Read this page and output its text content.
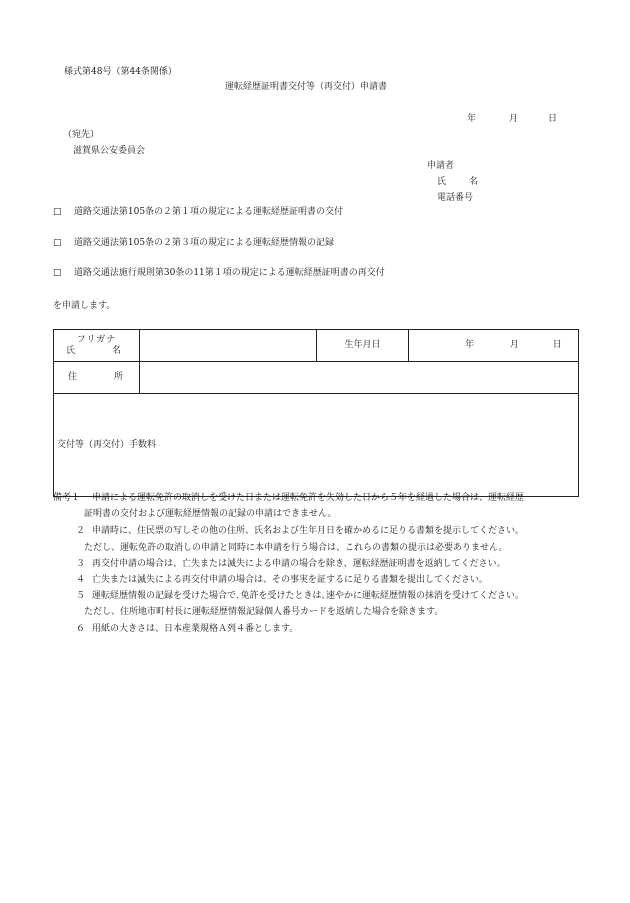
様式第48号（第44条関係）
運転経歴証明書交付等（再交付）申請書
年	月	日
（宛先）
滋賀県公安委員会
申請者
氏	名
電話番号
□ 道路交通法第105条の２第１項の規定による運転経歴証明書の交付
□ 道路交通法第105条の２第３項の規定による運転経歴情報の記録
□ 道路交通法施行規則第30条の11第１項の規定による運転経歴証明書の再交付
を申請します。
フリガナ
氏　名		生年月日	年 月 日
住　所			
交付等（再交付）手数料			
備考１ 申請による運転免許の取消しを受けた日または運転免許を失効した日から５年を経過した場合は、運転経歴
証明書の交付および運転経歴情報の記録の申請はできません。
２ 申請時に、住民票の写しその他の住所、氏名および生年月日を確かめるに足りる書類を提示してください。
ただし、運転免許の取消しの申請と同時に本申請を行う場合は、これらの書類の提示は必要ありません。
３ 再交付申請の場合は、亡失または滅失による申請の場合を除き、運転経歴証明書を返納してください。
４ 亡失または滅失による再交付申請の場合は、その事実を証するに足りる書類を提出してください。
５ 運転経歴情報の記録を受けた場合で､免許を受けたときは､速やかに運転経歴情報の抹消を受けてください。
ただし、住所地市町村長に運転経歴情報記録個人番号カードを返納した場合を除きます。
６ 用紙の大きさは、日本産業規格Ａ列４番とします。
